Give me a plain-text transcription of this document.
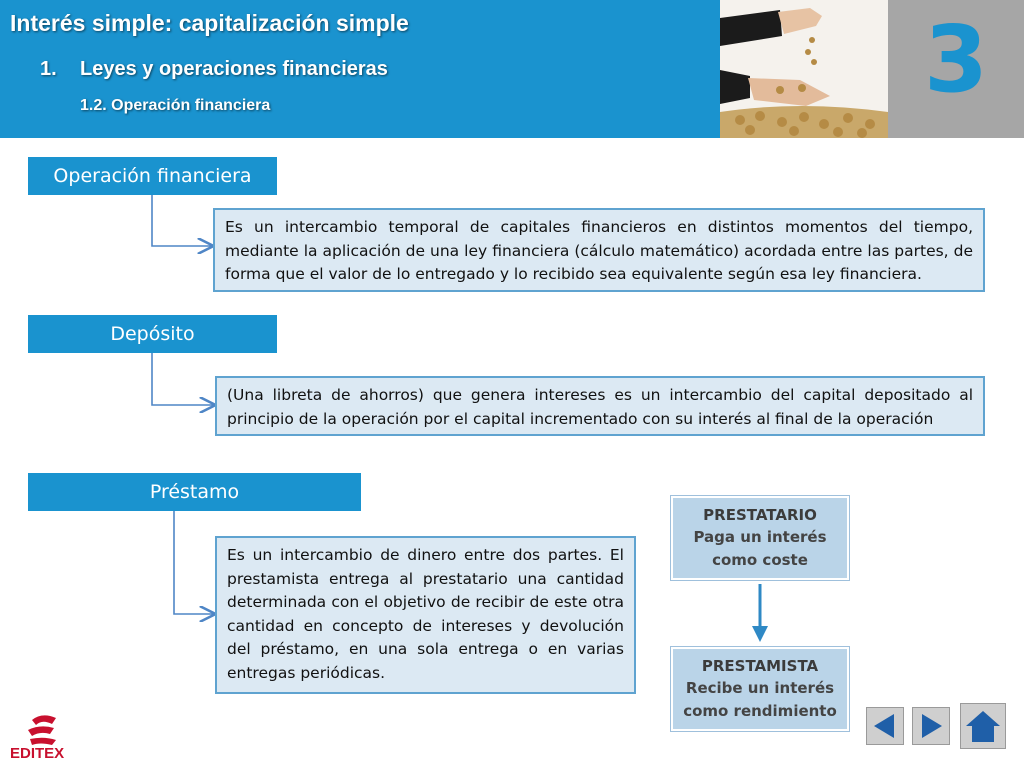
Interés simple: capitalización simple
1. Leyes y operaciones financieras
1.2. Operación financiera	3
Operación financiera
Es un intercambio temporal de capitales financieros en distintos momentos del tiempo, mediante la aplicación de una ley financiera (cálculo matemático) acordada entre las partes, de forma que el valor de lo entregado y lo recibido sea equivalente según esa ley financiera.
Depósito
(Una libreta de ahorros) que genera intereses es un intercambio del capital depositado al principio de la operación por el capital incrementado con su interés al final de la operación
Préstamo
Es un intercambio de dinero entre dos partes. El prestamista entrega al prestatario una cantidad determinada con el objetivo de recibir de este otra cantidad en concepto de intereses y devolución del préstamo, en una sola entrega o en varias entregas periódicas.
PRESTATARIO
Paga un interés
como coste
PRESTAMISTA
Recibe un interés
como rendimiento
EDITEX
